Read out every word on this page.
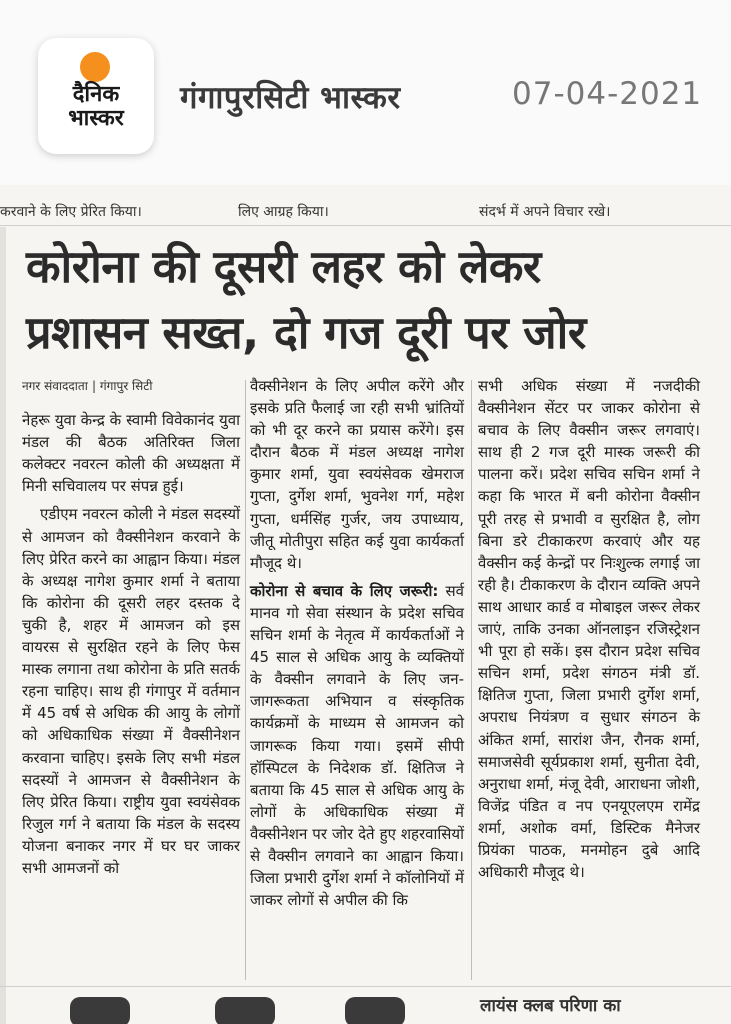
दैनिक
भास्कर
गंगापुरसिटी भास्कर	07-04-2021
करवाने के लिए प्रेरित किया।	लिए आग्रह किया।	संदर्भ में अपने विचार रखे।
कोरोना की दूसरी लहर को लेकर
प्रशासन सख्त, दो गज दूरी पर जोर
नगर संवाददाता | गंगापुर सिटी

नेहरू युवा केन्द्र के स्वामी विवेकानंद युवा मंडल की बैठक अतिरिक्त जिला कलेक्टर नवरत्न कोली की अध्यक्षता में मिनी सचिवालय पर संपन्न हुई।

एडीएम नवरत्न कोली ने मंडल सदस्यों से आमजन को वैक्सीनेशन करवाने के लिए प्रेरित करने का आह्वान किया। मंडल के अध्यक्ष नागेश कुमार शर्मा ने बताया कि कोरोना की दूसरी लहर दस्तक दे चुकी है, शहर में आमजन को इस वायरस से सुरक्षित रहने के लिए फेस मास्क लगाना तथा कोरोना के प्रति सतर्क रहना चाहिए। साथ ही गंगापुर में वर्तमान में 45 वर्ष से अधिक की आयु के लोगों को अधिकाधिक संख्या में वैक्सीनेशन करवाना चाहिए। इसके लिए सभी मंडल सदस्यों ने आमजन से वैक्सीनेशन के लिए प्रेरित किया। राष्ट्रीय युवा स्वयंसेवक रिजुल गर्ग ने बताया कि मंडल के सदस्य योजना बनाकर नगर में घर घर जाकर सभी आमजनों को

वैक्सीनेशन के लिए अपील करेंगे और इसके प्रति फैलाई जा रही सभी भ्रांतियों को भी दूर करने का प्रयास करेंगे। इस दौरान बैठक में मंडल अध्यक्ष नागेश कुमार शर्मा, युवा स्वयंसेवक खेमराज गुप्ता, दुर्गेश शर्मा, भुवनेश गर्ग, महेश गुप्ता, धर्मसिंह गुर्जर, जय उपाध्याय, जीतू मोतीपुरा सहित कई युवा कार्यकर्ता मौजूद थे।

कोरोना से बचाव के लिए जरूरी: सर्व मानव गो सेवा संस्थान के प्रदेश सचिव सचिन शर्मा के नेतृत्व में कार्यकर्ताओं ने 45 साल से अधिक आयु के व्यक्तियों के वैक्सीन लगवाने के लिए जन-जागरूकता अभियान व संस्कृतिक कार्यक्रमों के माध्यम से आमजन को जागरूक किया गया। इसमें सीपी हॉस्पिटल के निदेशक डॉ. क्षितिज ने बताया कि 45 साल से अधिक आयु के लोगों के अधिकाधिक संख्या में वैक्सीनेशन पर जोर देते हुए शहरवासियों से वैक्सीन लगवाने का आह्वान किया। जिला प्रभारी दुर्गेश शर्मा ने कॉलोनियों में जाकर लोगों से अपील की कि

सभी अधिक संख्या में नजदीकी वैक्सीनेशन सेंटर पर जाकर कोरोना से बचाव के लिए वैक्सीन जरूर लगवाएं। साथ ही 2 गज दूरी मास्क जरूरी की पालना करें। प्रदेश सचिव सचिन शर्मा ने कहा कि भारत में बनी कोरोना वैक्सीन पूरी तरह से प्रभावी व सुरक्षित है, लोग बिना डरे टीकाकरण करवाएं और यह वैक्सीन कई केन्द्रों पर निःशुल्क लगाई जा रही है। टीकाकरण के दौरान व्यक्ति अपने साथ आधार कार्ड व मोबाइल जरूर लेकर जाएं, ताकि उनका ऑनलाइन रजिस्ट्रेशन भी पूरा हो सकें। इस दौरान प्रदेश सचिव सचिन शर्मा, प्रदेश संगठन मंत्री डॉ. क्षितिज गुप्ता, जिला प्रभारी दुर्गेश शर्मा, अपराध नियंत्रण व सुधार संगठन के अंकित शर्मा, सारांश जैन, रौनक शर्मा, समाजसेवी सूर्यप्रकाश शर्मा, सुनीता देवी, अनुराधा शर्मा, मंजू देवी, आराधना जोशी, विजेंद्र पंडित व नप एनयूएलएम रामेंद्र शर्मा, अशोक वर्मा, डिस्टिक मैनेजर प्रियंका पाठक, मनमोहन दुबे आदि अधिकारी मौजूद थे।

लायंस क्लब परिणा का
